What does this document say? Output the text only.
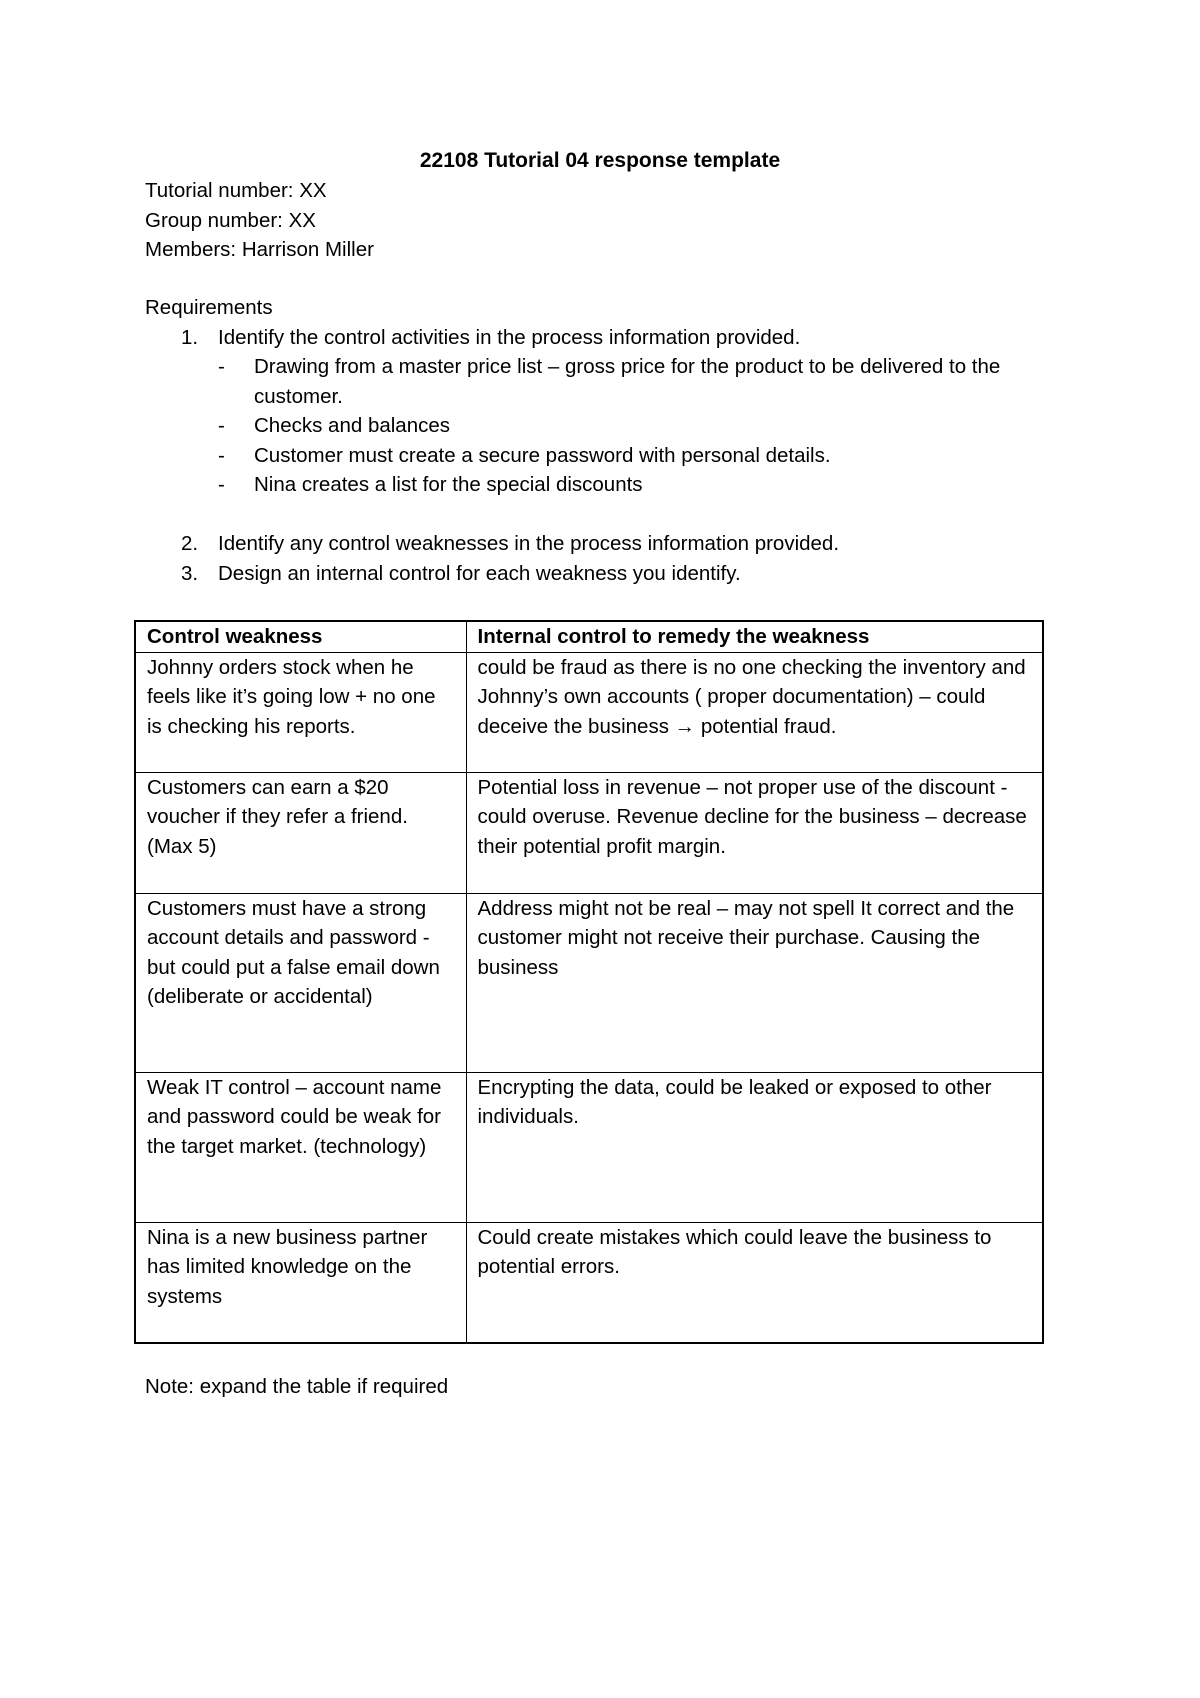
22108 Tutorial 04 response template
Tutorial number: XX
Group number: XX
Members: Harrison Miller
Requirements
1. Identify the control activities in the process information provided.
- Drawing from a master price list – gross price for the product to be delivered to the customer.
- Checks and balances
- Customer must create a secure password with personal details.
- Nina creates a list for the special discounts
2. Identify any control weaknesses in the process information provided.
3. Design an internal control for each weakness you identify.
Control weakness	Internal control to remedy the weakness
Johnny orders stock when he feels like it’s going low + no one is checking his reports.	could be fraud as there is no one checking the inventory and Johnny’s own accounts ( proper documentation) – could deceive the business → potential fraud.
Customers can earn a $20 voucher if they refer a friend. (Max 5)	Potential loss in revenue – not proper use of the discount - could overuse. Revenue decline for the business – decrease their potential profit margin.
Customers must have a strong account details and password - but could put a false email down (deliberate or accidental)	Address might not be real – may not spell It correct and the customer might not receive their purchase. Causing the business
Weak IT control – account name and password could be weak for the target market. (technology)	Encrypting the data, could be leaked or exposed to other individuals.
Nina is a new business partner has limited knowledge on the systems	Could create mistakes which could leave the business to potential errors.
Note: expand the table if required
